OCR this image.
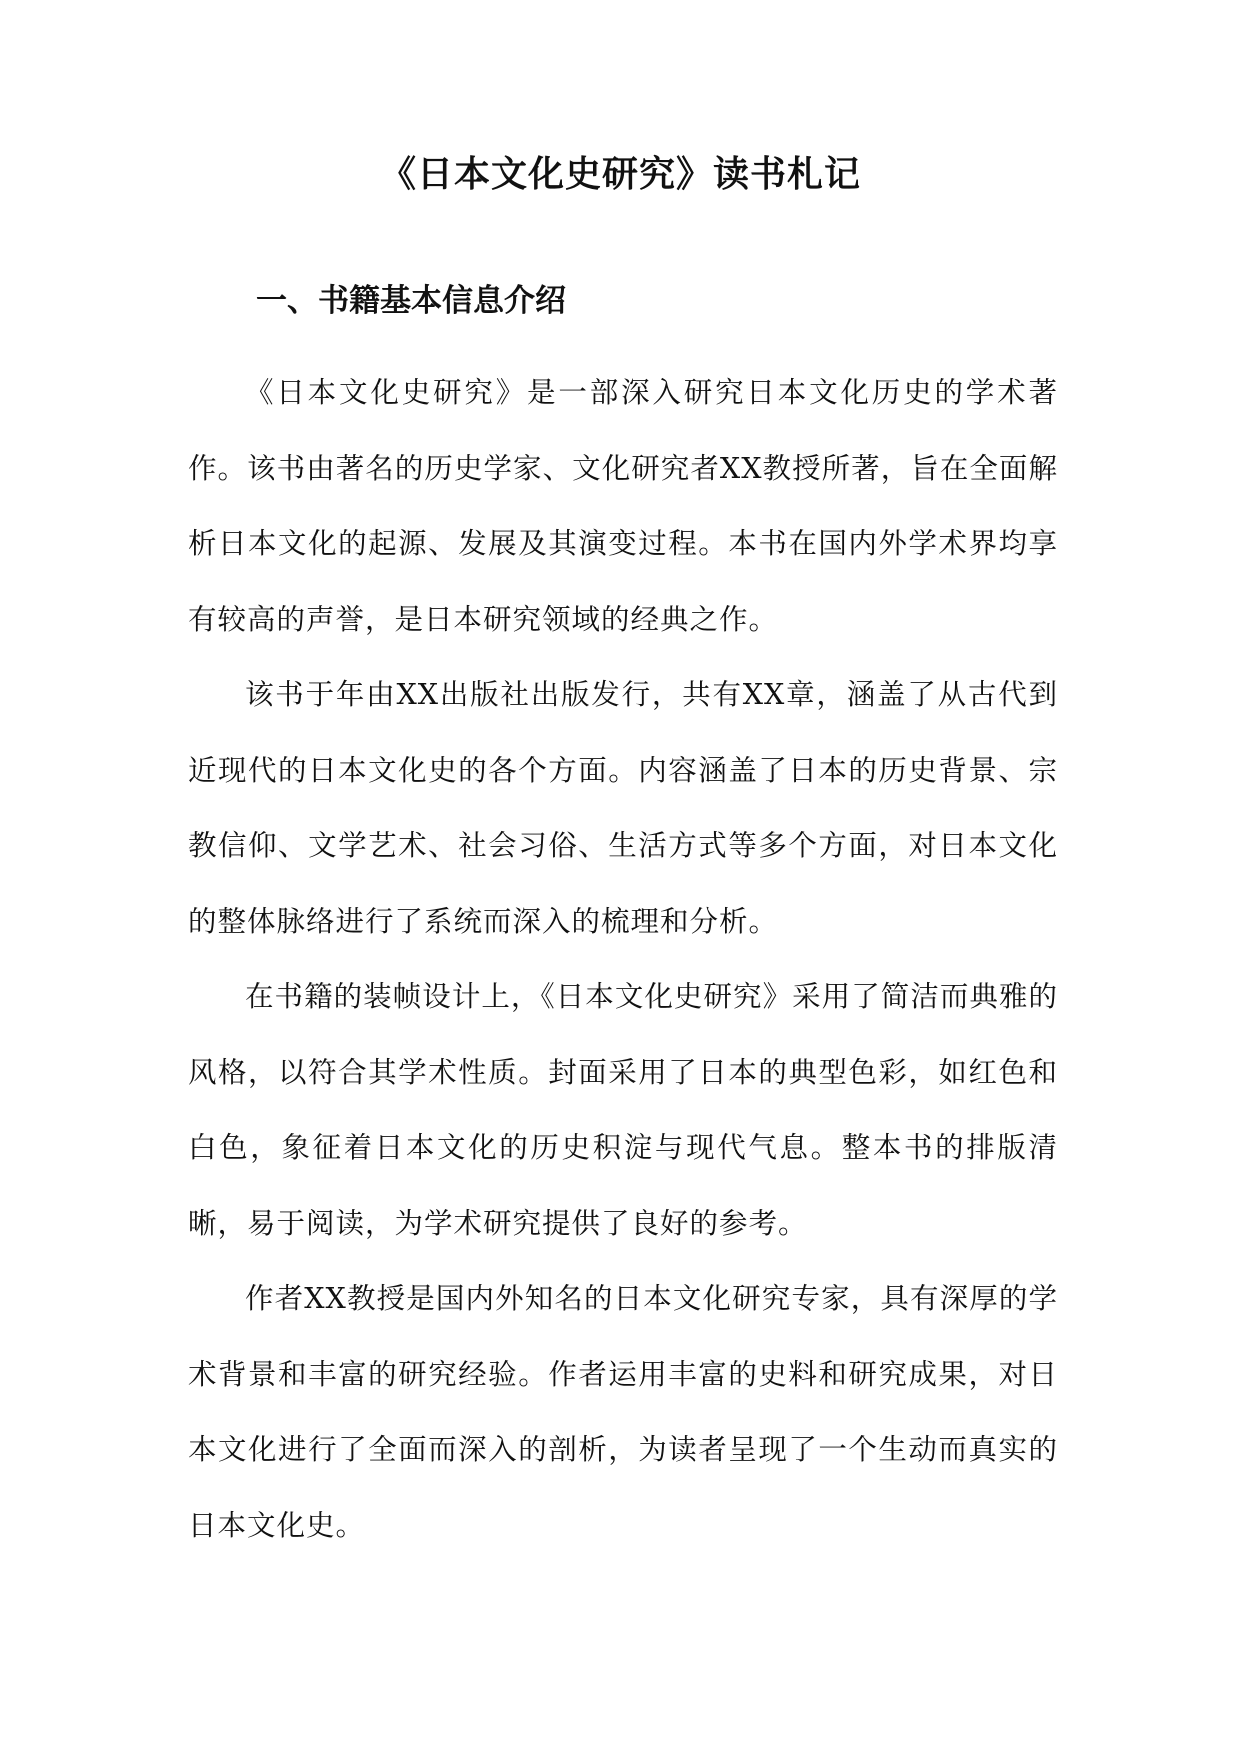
《日本文化史研究》读书札记
一、书籍基本信息介绍

《日本文化史研究》是一部深入研究日本文化历史的学术著作。该书由著名的历史学家、文化研究者XX教授所著，旨在全面解析日本文化的起源、发展及其演变过程。本书在国内外学术界均享有较高的声誉，是日本研究领域的经典之作。

该书于年由XX出版社出版发行，共有XX章，涵盖了从古代到近现代的日本文化史的各个方面。内容涵盖了日本的历史背景、宗教信仰、文学艺术、社会习俗、生活方式等多个方面，对日本文化的整体脉络进行了系统而深入的梳理和分析。

在书籍的装帧设计上，《日本文化史研究》采用了简洁而典雅的风格，以符合其学术性质。封面采用了日本的典型色彩，如红色和白色，象征着日本文化的历史积淀与现代气息。整本书的排版清晰，易于阅读，为学术研究提供了良好的参考。

作者XX教授是国内外知名的日本文化研究专家，具有深厚的学术背景和丰富的研究经验。作者运用丰富的史料和研究成果，对日本文化进行了全面而深入的剖析，为读者呈现了一个生动而真实的日本文化史。
